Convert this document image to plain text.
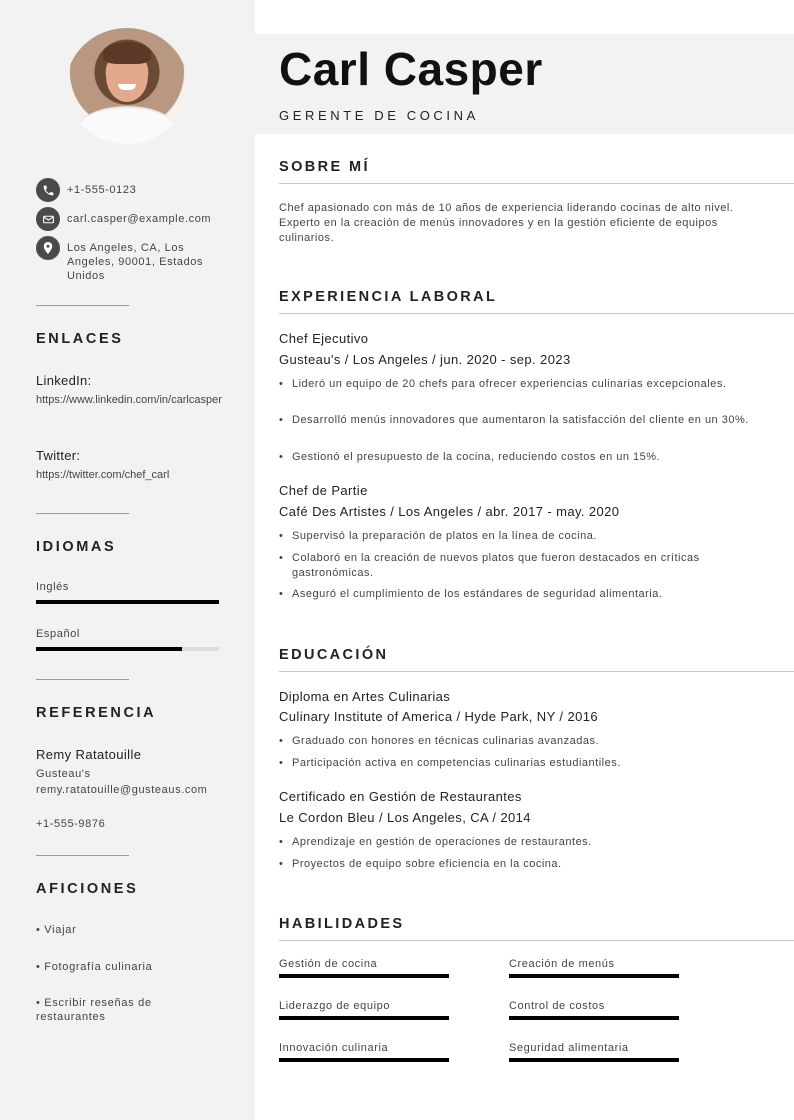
+1-555-0123
carl.casper@example.com
Los Angeles, CA, Los Angeles, 90001, Estados Unidos
ENLACES
LinkedIn:
https://www.linkedin.com/in/carlcasper
Twitter:
https://twitter.com/chef_carl
IDIOMAS
Inglés
Español
REFERENCIA
Remy Ratatouille
Gusteau's
remy.ratatouille@gusteaus.com
+1-555-9876
AFICIONES
• Viajar
• Fotografía culinaria
• Escribir reseñas de restaurantes
Carl Casper
GERENTE DE COCINA
SOBRE MÍ
Chef apasionado con más de 10 años de experiencia liderando cocinas de alto nivel. Experto en la creación de menús innovadores y en la gestión eficiente de equipos culinarios.
EXPERIENCIA LABORAL
Chef Ejecutivo
Gusteau's / Los Angeles / jun. 2020 - sep. 2023
• Lideró un equipo de 20 chefs para ofrecer experiencias culinarias excepcionales.
• Desarrolló menús innovadores que aumentaron la satisfacción del cliente en un 30%.
• Gestionó el presupuesto de la cocina, reduciendo costos en un 15%.
Chef de Partie
Café Des Artistes / Los Angeles / abr. 2017 - may. 2020
• Supervisó la preparación de platos en la línea de cocina.
• Colaboró en la creación de nuevos platos que fueron destacados en críticas gastronómicas.
• Aseguró el cumplimiento de los estándares de seguridad alimentaria.
EDUCACIÓN
Diploma en Artes Culinarias
Culinary Institute of America / Hyde Park, NY / 2016
• Graduado con honores en técnicas culinarias avanzadas.
• Participación activa en competencias culinarias estudiantiles.
Certificado en Gestión de Restaurantes
Le Cordon Bleu / Los Angeles, CA / 2014
• Aprendizaje en gestión de operaciones de restaurantes.
• Proyectos de equipo sobre eficiencia en la cocina.
HABILIDADES
Gestión de cocina	Creación de menús
Liderazgo de equipo	Control de costos
Innovación culinaria	Seguridad alimentaria
